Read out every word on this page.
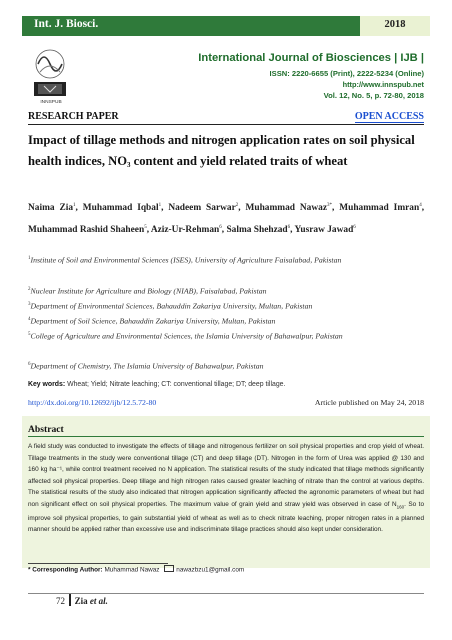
Int. J. Biosci.	2018
INNSPUB
International Journal of Biosciences | IJB |
ISSN: 2220-6655 (Print), 2222-5234 (Online)
http://www.innspub.net
Vol. 12, No. 5, p. 72-80, 2018
RESEARCH PAPER	OPEN ACCESS
Impact of tillage methods and nitrogen application rates on soil physical health indices, $NO_3$ content and yield related traits of wheat
Naima Zia$^1$, Muhammad Iqbal$^1$, Nadeem Sarwar$^2$, Muhammad Nawaz$^{3*}$, Muhammad Imran$^4$, Muhammad Rashid Shaheen$^5$, Aziz-Ur-Rehman$^6$, Salma Shehzad$^6$, Yusraw Jawad$^6$
$^1$Institute of Soil and Environmental Sciences (ISES), University of Agriculture Faisalabad, Pakistan
$^2$Nuclear Institute for Agriculture and Biology (NIAB), Faisalabad, Pakistan
$^3$Department of Environmental Sciences, Bahauddin Zakariya University, Multan, Pakistan
$^4$Department of Soil Science, Bahauddin Zakariya University, Multan, Pakistan
$^5$College of Agriculture and Environmental Sciences, the Islamia University of Bahawalpur, Pakistan
$^6$Department of Chemistry, The Islamia University of Bahawalpur, Pakistan
Key words: Wheat; Yield; Nitrate leaching; CT: conventional tillage; DT; deep tillage.
http://dx.doi.org/10.12692/ijb/12.5.72-80	Article published on May 24, 2018
Abstract
A field study was conducted to investigate the effects of tillage and nitrogenous fertilizer on soil physical properties and crop yield of wheat. Tillage treatments in the study were conventional tillage (CT) and deep tillage (DT). Nitrogen in the form of Urea was applied @ 130 and 160 kg ha⁻¹, while control treatment received no N application. The statistical results of the study indicated that tillage methods significantly affected soil physical properties. Deep tillage and high nitrogen rates caused greater leaching of nitrate than the control at various depths. The statistical results of the study also indicated that nitrogen application significantly affected the agronomic parameters of wheat but had non significant effect on soil physical properties. The maximum value of grain yield and straw yield was observed in case of $N_{160}$. So to improve soil physical properties, to gain substantial yield of wheat as well as to check nitrate leaching, proper nitrogen rates in a planned manner should be applied rather than excessive use and indiscriminate tillage practices should also kept under consideration.
* Corresponding Author: Muhammad Nawaz nawazbzu1@gmail.com
72 Zia et al.
